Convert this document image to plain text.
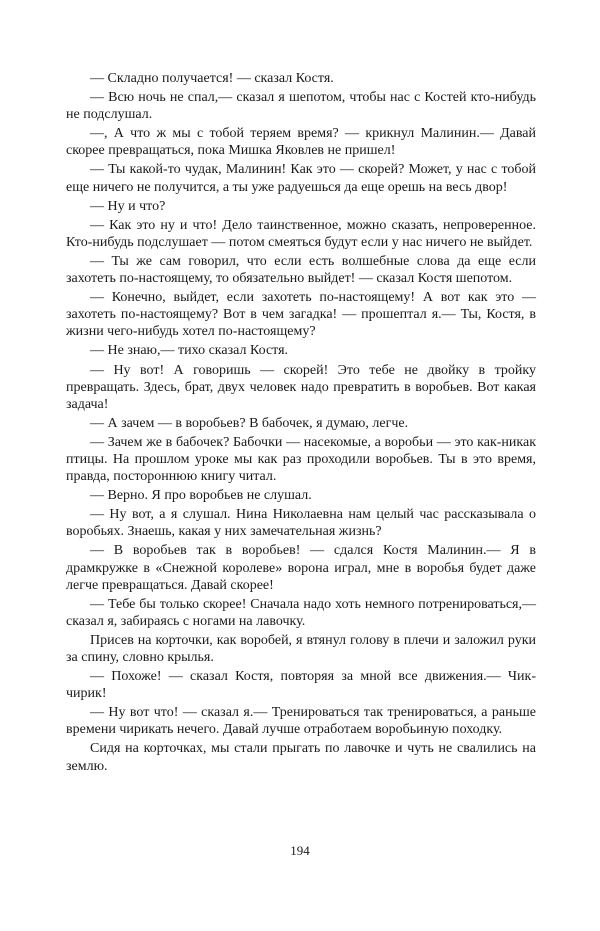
— Складно получается! — сказал Костя.

— Всю ночь не спал,— сказал я шепотом, чтобы нас с Костей кто-нибудь не подслушал.

—, А что ж мы с тобой теряем время? — крикнул Малинин.— Давай скорее превращаться, пока Мишка Яковлев не пришел!

— Ты какой-то чудак, Малинин! Как это — скорей? Может, у нас с тобой еще ничего не получится, а ты уже радуешься да еще орешь на весь двор!

— Ну и что?

— Как это ну и что! Дело таинственное, можно сказать, непроверенное. Кто-нибудь подслушает — потом смеяться будут если у нас ничего не выйдет.

— Ты же сам говорил, что если есть волшебные слова да еще если захотеть по-настоящему, то обязательно выйдет! — сказал Костя шепотом.

— Конечно, выйдет, если захотеть по-настоящему! А вот как это — захотеть по-настоящему? Вот в чем загадка! — прошептал я.— Ты, Костя, в жизни чего-нибудь хотел по-настоящему?

— Не знаю,— тихо сказал Костя.

— Ну вот! А говоришь — скорей! Это тебе не двойку в тройку превращать. Здесь, брат, двух человек надо превратить в воробьев. Вот какая задача!

— А зачем — в воробьев? В бабочек, я думаю, легче.

— Зачем же в бабочек? Бабочки — насекомые, а воробьи — это как-никак птицы. На прошлом уроке мы как раз проходили воробьев. Ты в это время, правда, постороннюю книгу читал.

— Верно. Я про воробьев не слушал.

— Ну вот, а я слушал. Нина Николаевна нам целый час рассказывала о воробьях. Знаешь, какая у них замечательная жизнь?

— В воробьев так в воробьев! — сдался Костя Малинин.— Я в драмкружке в «Снежной королеве» ворона играл, мне в воробья будет даже легче превращаться. Давай скорее!

— Тебе бы только скорее! Сначала надо хоть немного потренироваться,— сказал я, забираясь с ногами на лавочку.

Присев на корточки, как воробей, я втянул голову в плечи и заложил руки за спину, словно крылья.

— Похоже! — сказал Костя, повторяя за мной все движения.— Чик-чирик!

— Ну вот что! — сказал я.— Тренироваться так тренироваться, а раньше времени чирикать нечего. Давай лучше отработаем воробьиную походку.

Сидя на корточках, мы стали прыгать по лавочке и чуть не свалились на землю.

194
